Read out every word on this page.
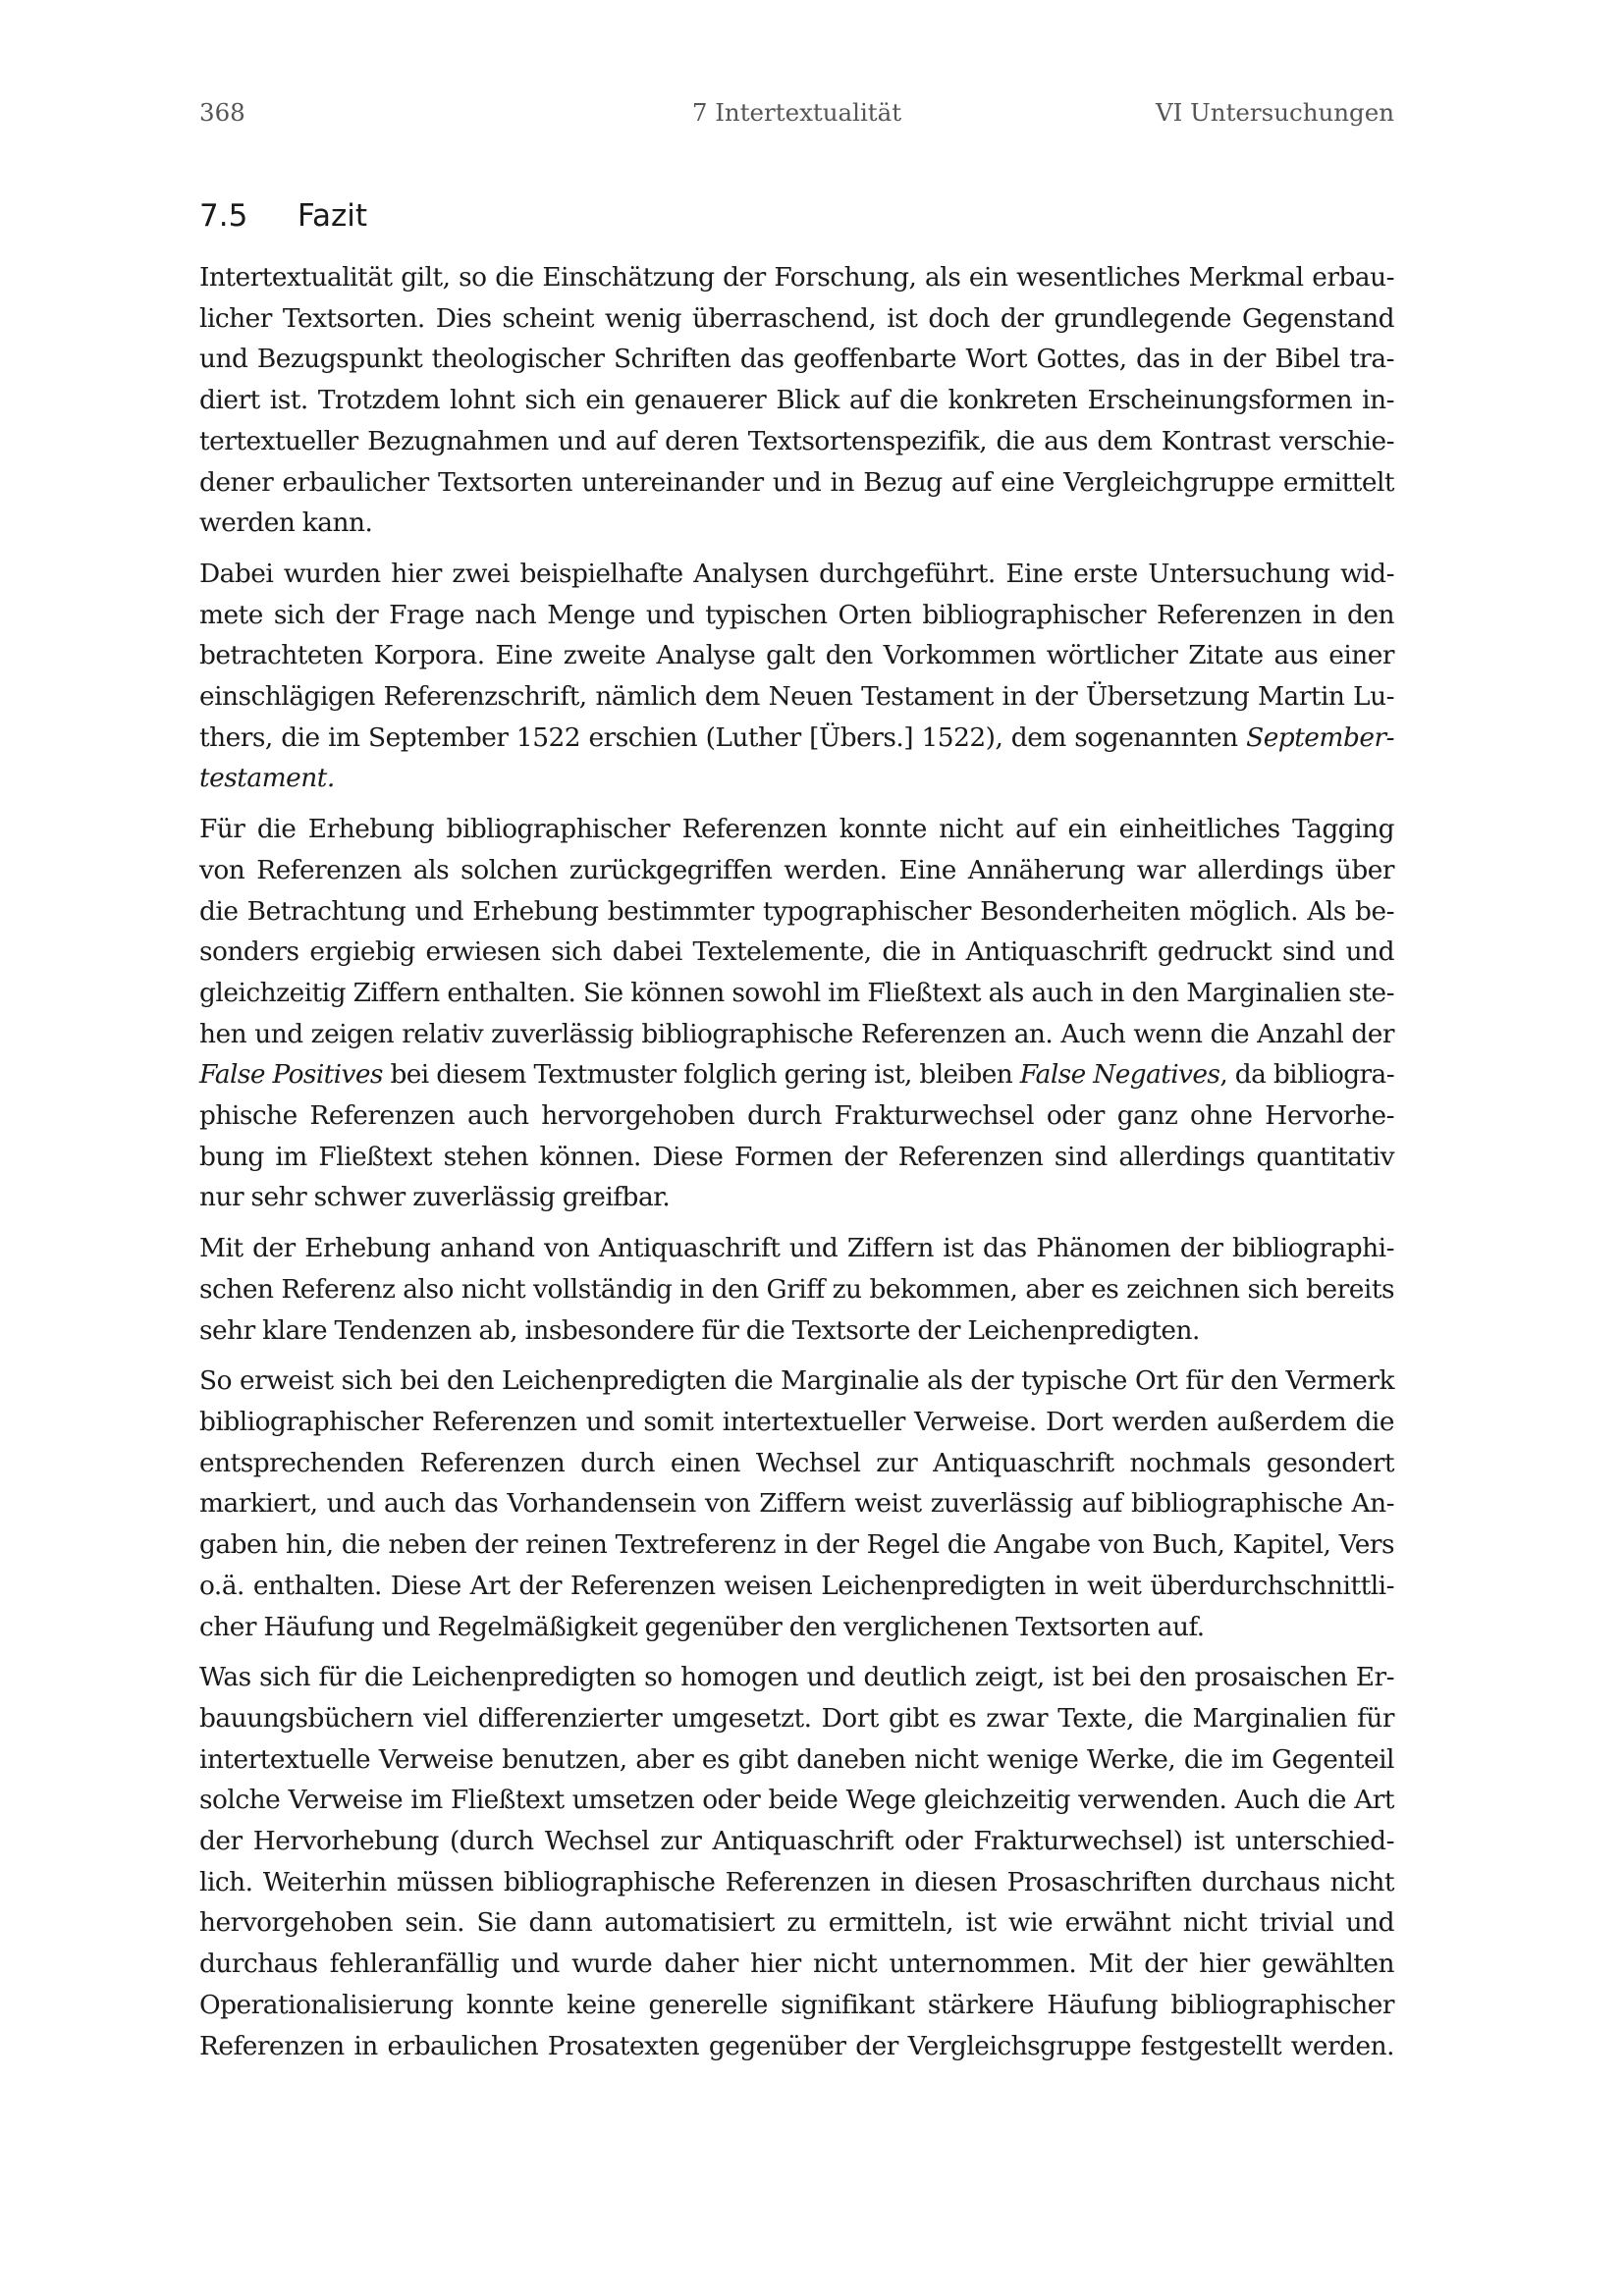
368	7 Intertextualität	VI Untersuchungen
7.5 Fazit

Intertextualität gilt, so die Einschätzung der Forschung, als ein wesentliches Merkmal erbau-
licher Textsorten. Dies scheint wenig überraschend, ist doch der grundlegende Gegenstand
und Bezugspunkt theologischer Schriften das geoffenbarte Wort Gottes, das in der Bibel tra-
diert ist. Trotzdem lohnt sich ein genauerer Blick auf die konkreten Erscheinungsformen in-
tertextueller Bezugnahmen und auf deren Textsortenspezifik, die aus dem Kontrast verschie-
dener erbaulicher Textsorten untereinander und in Bezug auf eine Vergleichgruppe ermittelt
werden kann.

Dabei wurden hier zwei beispielhafte Analysen durchgeführt. Eine erste Untersuchung wid-
mete sich der Frage nach Menge und typischen Orten bibliographischer Referenzen in den
betrachteten Korpora. Eine zweite Analyse galt den Vorkommen wörtlicher Zitate aus einer
einschlägigen Referenzschrift, nämlich dem Neuen Testament in der Übersetzung Martin Lu-
thers, die im September 1522 erschien (Luther [Übers.] 1522), dem sogenannten September-
testament.

Für die Erhebung bibliographischer Referenzen konnte nicht auf ein einheitliches Tagging
von Referenzen als solchen zurückgegriffen werden. Eine Annäherung war allerdings über
die Betrachtung und Erhebung bestimmter typographischer Besonderheiten möglich. Als be-
sonders ergiebig erwiesen sich dabei Textelemente, die in Antiquaschrift gedruckt sind und
gleichzeitig Ziffern enthalten. Sie können sowohl im Fließtext als auch in den Marginalien ste-
hen und zeigen relativ zuverlässig bibliographische Referenzen an. Auch wenn die Anzahl der
False Positives bei diesem Textmuster folglich gering ist, bleiben False Negatives, da bibliogra-
phische Referenzen auch hervorgehoben durch Frakturwechsel oder ganz ohne Hervorhe-
bung im Fließtext stehen können. Diese Formen der Referenzen sind allerdings quantitativ
nur sehr schwer zuverlässig greifbar.

Mit der Erhebung anhand von Antiquaschrift und Ziffern ist das Phänomen der bibliographi-
schen Referenz also nicht vollständig in den Griff zu bekommen, aber es zeichnen sich bereits
sehr klare Tendenzen ab, insbesondere für die Textsorte der Leichenpredigten.

So erweist sich bei den Leichenpredigten die Marginalie als der typische Ort für den Vermerk
bibliographischer Referenzen und somit intertextueller Verweise. Dort werden außerdem die
entsprechenden Referenzen durch einen Wechsel zur Antiquaschrift nochmals gesondert
markiert, und auch das Vorhandensein von Ziffern weist zuverlässig auf bibliographische An-
gaben hin, die neben der reinen Textreferenz in der Regel die Angabe von Buch, Kapitel, Vers
o.ä. enthalten. Diese Art der Referenzen weisen Leichenpredigten in weit überdurchschnittli-
cher Häufung und Regelmäßigkeit gegenüber den verglichenen Textsorten auf.

Was sich für die Leichenpredigten so homogen und deutlich zeigt, ist bei den prosaischen Er-
bauungsbüchern viel differenzierter umgesetzt. Dort gibt es zwar Texte, die Marginalien für
intertextuelle Verweise benutzen, aber es gibt daneben nicht wenige Werke, die im Gegenteil
solche Verweise im Fließtext umsetzen oder beide Wege gleichzeitig verwenden. Auch die Art
der Hervorhebung (durch Wechsel zur Antiquaschrift oder Frakturwechsel) ist unterschied-
lich. Weiterhin müssen bibliographische Referenzen in diesen Prosaschriften durchaus nicht
hervorgehoben sein. Sie dann automatisiert zu ermitteln, ist wie erwähnt nicht trivial und
durchaus fehleranfällig und wurde daher hier nicht unternommen. Mit der hier gewählten
Operationalisierung konnte keine generelle signifikant stärkere Häufung bibliographischer
Referenzen in erbaulichen Prosatexten gegenüber der Vergleichsgruppe festgestellt werden.
